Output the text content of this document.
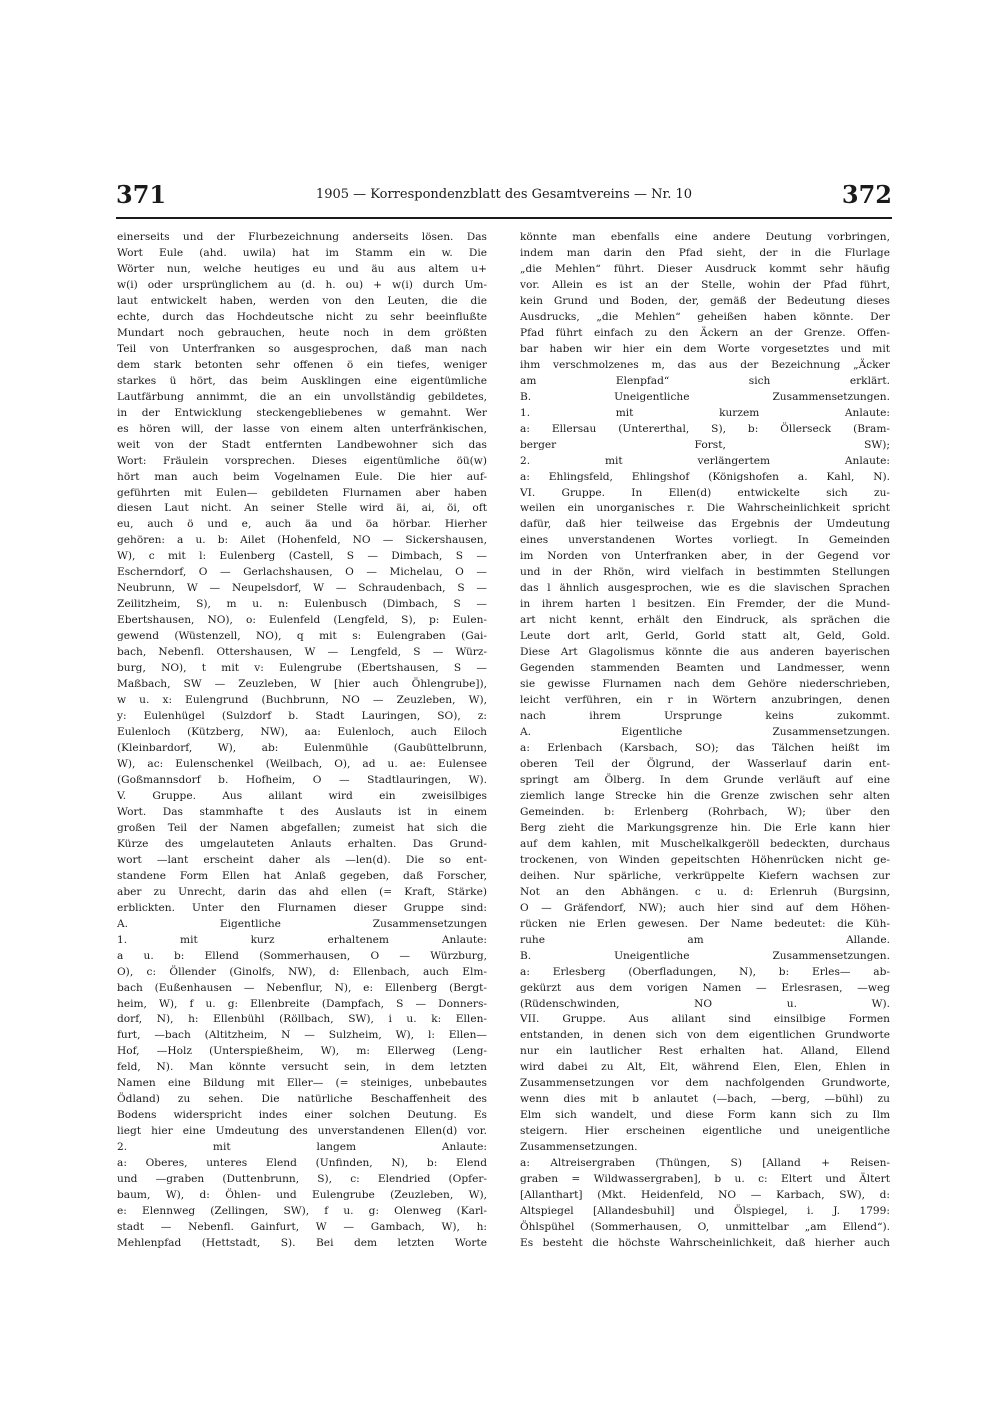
371	1905 — Korrespondenzblatt des Gesamtvereins — Nr. 10	372

einerseits und der Flurbezeichnung anderseits lösen. Das

Wort Eule (ahd. uwila) hat im Stamm ein w. Die

Wörter nun, welche heutiges eu und äu aus altem u+

w(i) oder ursprünglichem au (d. h. ou) + w(i) durch Um-

laut entwickelt haben, werden von den Leuten, die die

echte, durch das Hochdeutsche nicht zu sehr beeinflußte

Mundart noch gebrauchen, heute noch in dem größten

Teil von Unterfranken so ausgesprochen, daß man nach

dem stark betonten sehr offenen ö ein tiefes, weniger

starkes ü hört, das beim Ausklingen eine eigentümliche

Lautfärbung annimmt, die an ein unvollständig gebildetes,

in der Entwicklung steckengebliebenes w gemahnt. Wer

es hören will, der lasse von einem alten unterfränkischen,

weit von der Stadt entfernten Landbewohner sich das

Wort: Fräulein vorsprechen. Dieses eigentümliche öü(w)

hört man auch beim Vogelnamen Eule. Die hier auf-

geführten mit Eulen— gebildeten Flurnamen aber haben

diesen Laut nicht. An seiner Stelle wird äi, ai, öi, oft

eu, auch ö und e, auch äa und öa hörbar. Hierher

gehören: a u. b: Ailet (Hohenfeld, NO — Sickershausen,

W), c mit l: Eulenberg (Castell, S — Dimbach, S —

Escherndorf, O — Gerlachshausen, O — Michelau, O —

Neubrunn, W — Neupelsdorf, W — Schraudenbach, S —

Zeilitzheim, S), m u. n: Eulenbusch (Dimbach, S —

Ebertshausen, NO), o: Eulenfeld (Lengfeld, S), p: Eulen-

gewend (Wüstenzell, NO), q mit s: Eulengraben (Gai-

bach, Nebenfl. Ottershausen, W — Lengfeld, S — Würz-

burg, NO), t mit v: Eulengrube (Ebertshausen, S —

Maßbach, SW — Zeuzleben, W [hier auch Öhlengrube]),

w u. x: Eulengrund (Buchbrunn, NO — Zeuzleben, W),

y: Eulenhügel (Sulzdorf b. Stadt Lauringen, SO), z:

Eulenloch (Kützberg, NW), aa: Eulenloch, auch Eiloch

(Kleinbardorf, W), ab: Eulenmühle (Gaubüttelbrunn,

W), ac: Eulenschenkel (Weilbach, O), ad u. ae: Eulensee

(Goßmannsdorf b. Hofheim, O — Stadtlauringen, W).

V. Gruppe. Aus alilant wird ein zweisilbiges

Wort. Das stammhafte t des Auslauts ist in einem

großen Teil der Namen abgefallen; zumeist hat sich die

Kürze des umgelauteten Anlauts erhalten. Das Grund-

wort —lant erscheint daher als —len(d). Die so ent-

standene Form Ellen hat Anlaß gegeben, daß Forscher,

aber zu Unrecht, darin das ahd ellen (= Kraft, Stärke)

erblickten. Unter den Flurnamen dieser Gruppe sind:

A. Eigentliche Zusammensetzungen

1. mit kurz erhaltenem Anlaute:

a u. b: Ellend (Sommerhausen, O — Würzburg,

O), c: Öllender (Ginolfs, NW), d: Ellenbach, auch Elm-

bach (Eußenhausen — Nebenflur, N), e: Ellenberg (Bergt-

heim, W), f u. g: Ellenbreite (Dampfach, S — Donners-

dorf, N), h: Ellenbühl (Röllbach, SW), i u. k: Ellen-

furt, —bach (Altitzheim, N — Sulzheim, W), l: Ellen—

Hof, —Holz (Unterspießheim, W), m: Ellerweg (Leng-

feld, N). Man könnte versucht sein, in dem letzten

Namen eine Bildung mit Eller— (= steiniges, unbebautes

Ödland) zu sehen. Die natürliche Beschaffenheit des

Bodens widerspricht indes einer solchen Deutung. Es

liegt hier eine Umdeutung des unverstandenen Ellen(d) vor.

2. mit langem Anlaute:

a: Oberes, unteres Elend (Unfinden, N), b: Elend

und —graben (Duttenbrunn, S), c: Elendried (Opfer-

baum, W), d: Öhlen- und Eulengrube (Zeuzleben, W),

e: Elennweg (Zellingen, SW), f u. g: Olenweg (Karl-

stadt — Nebenfl. Gainfurt, W — Gambach, W), h:

Mehlenpfad (Hettstadt, S). Bei dem letzten Worte

könnte man ebenfalls eine andere Deutung vorbringen,

indem man darin den Pfad sieht, der in die Flurlage

„die Mehlen“ führt. Dieser Ausdruck kommt sehr häufig

vor. Allein es ist an der Stelle, wohin der Pfad führt,

kein Grund und Boden, der, gemäß der Bedeutung dieses

Ausdrucks, „die Mehlen“ geheißen haben könnte. Der

Pfad führt einfach zu den Äckern an der Grenze. Offen-

bar haben wir hier ein dem Worte vorgesetztes und mit

ihm verschmolzenes m, das aus der Bezeichnung „Äcker

am Elenpfad“ sich erklärt.

B. Uneigentliche Zusammensetzungen.

1. mit kurzem Anlaute:

a: Ellersau (Untererthal, S), b: Öllerseck (Bram-

berger Forst, SW);

2. mit verlängertem Anlaute:

a: Ehlingsfeld, Ehlingshof (Königshofen a. Kahl, N).

VI. Gruppe. In Ellen(d) entwickelte sich zu-

weilen ein unorganisches r. Die Wahrscheinlichkeit spricht

dafür, daß hier teilweise das Ergebnis der Umdeutung

eines unverstandenen Wortes vorliegt. In Gemeinden

im Norden von Unterfranken aber, in der Gegend vor

und in der Rhön, wird vielfach in bestimmten Stellungen

das l ähnlich ausgesprochen, wie es die slavischen Sprachen

in ihrem harten l besitzen. Ein Fremder, der die Mund-

art nicht kennt, erhält den Eindruck, als sprächen die

Leute dort arlt, Gerld, Gorld statt alt, Geld, Gold.

Diese Art Glagolismus könnte die aus anderen bayerischen

Gegenden stammenden Beamten und Landmesser, wenn

sie gewisse Flurnamen nach dem Gehöre niederschrieben,

leicht verführen, ein r in Wörtern anzubringen, denen

nach ihrem Ursprunge keins zukommt.

A. Eigentliche Zusammensetzungen.

a: Erlenbach (Karsbach, SO); das Tälchen heißt im

oberen Teil der Ölgrund, der Wasserlauf darin ent-

springt am Ölberg. In dem Grunde verläuft auf eine

ziemlich lange Strecke hin die Grenze zwischen sehr alten

Gemeinden. b: Erlenberg (Rohrbach, W); über den

Berg zieht die Markungsgrenze hin. Die Erle kann hier

auf dem kahlen, mit Muschelkalkgeröll bedeckten, durchaus

trockenen, von Winden gepeitschten Höhenrücken nicht ge-

deihen. Nur spärliche, verkrüppelte Kiefern wachsen zur

Not an den Abhängen. c u. d: Erlenruh (Burgsinn,

O — Gräfendorf, NW); auch hier sind auf dem Höhen-

rücken nie Erlen gewesen. Der Name bedeutet: die Küh-

ruhe am Allande.

B. Uneigentliche Zusammensetzungen.

a: Erlesberg (Oberfladungen, N), b: Erles— ab-

gekürzt aus dem vorigen Namen — Erlesrasen, —weg

(Rüdenschwinden, NO u. W).

VII. Gruppe. Aus alilant sind einsilbige Formen

entstanden, in denen sich von dem eigentlichen Grundworte

nur ein lautlicher Rest erhalten hat. Alland, Ellend

wird dabei zu Alt, Elt, während Elen, Elen, Ehlen in

Zusammensetzungen vor dem nachfolgenden Grundworte,

wenn dies mit b anlautet (—bach, —berg, —bühl) zu

Elm sich wandelt, und diese Form kann sich zu Ilm

steigern. Hier erscheinen eigentliche und uneigentliche

Zusammensetzungen.

a: Altreisergraben (Thüngen, S) [Alland + Reisen-

graben = Wildwassergraben], b u. c: Eltert und Ältert

[Allanthart] (Mkt. Heidenfeld, NO — Karbach, SW), d:

Altspiegel [Allandesbuhil] und Ölspiegel, i. J. 1799:

Öhlspühel (Sommerhausen, O, unmittelbar „am Ellend“).

Es besteht die höchste Wahrscheinlichkeit, daß hierher auch
